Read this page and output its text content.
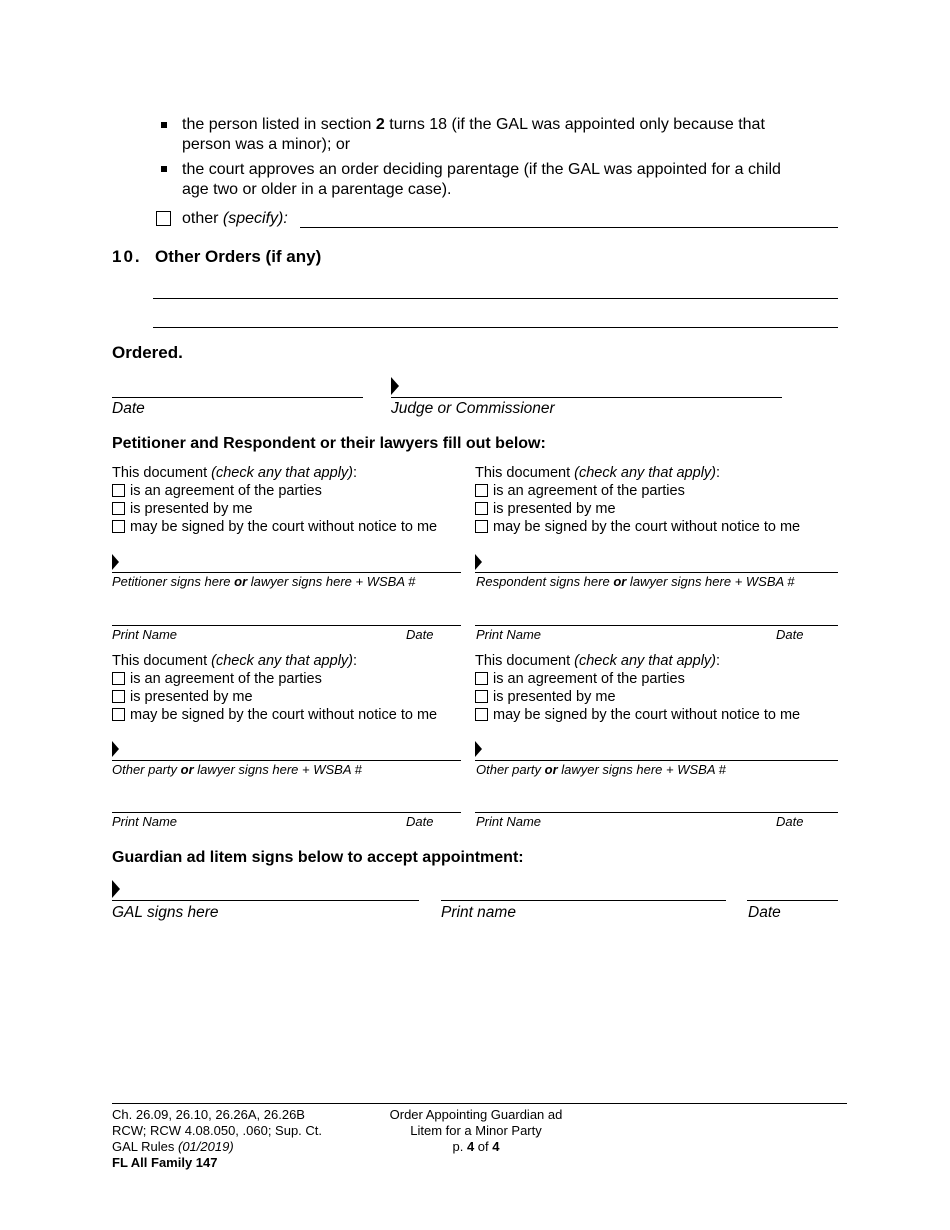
the person listed in section 2 turns 18 (if the GAL was appointed only because that
person was a minor); or
the court approves an order deciding parentage (if the GAL was appointed for a child
age two or older in a parentage case).
other (specify):
10. Other Orders (if any)
Ordered.
Date	Judge or Commissioner
Petitioner and Respondent or their lawyers fill out below:
This document (check any that apply):
is an agreement of the parties
is presented by me
may be signed by the court without notice to me
Petitioner signs here or lawyer signs here + WSBA #
Print Name	Date
This document (check any that apply):
is an agreement of the parties
is presented by me
may be signed by the court without notice to me
Respondent signs here or lawyer signs here + WSBA #
Print Name	Date
This document (check any that apply):
is an agreement of the parties
is presented by me
may be signed by the court without notice to me
Other party or lawyer signs here + WSBA #
Print Name	Date
This document (check any that apply):
is an agreement of the parties
is presented by me
may be signed by the court without notice to me
Other party or lawyer signs here + WSBA #
Print Name	Date
Guardian ad litem signs below to accept appointment:
GAL signs here	Print name	Date
Ch. 26.09, 26.10, 26.26A, 26.26B
RCW; RCW 4.08.050, .060; Sup. Ct.
GAL Rules (01/2019)
FL All Family 147
Order Appointing Guardian ad
Litem for a Minor Party
p. 4 of 4
